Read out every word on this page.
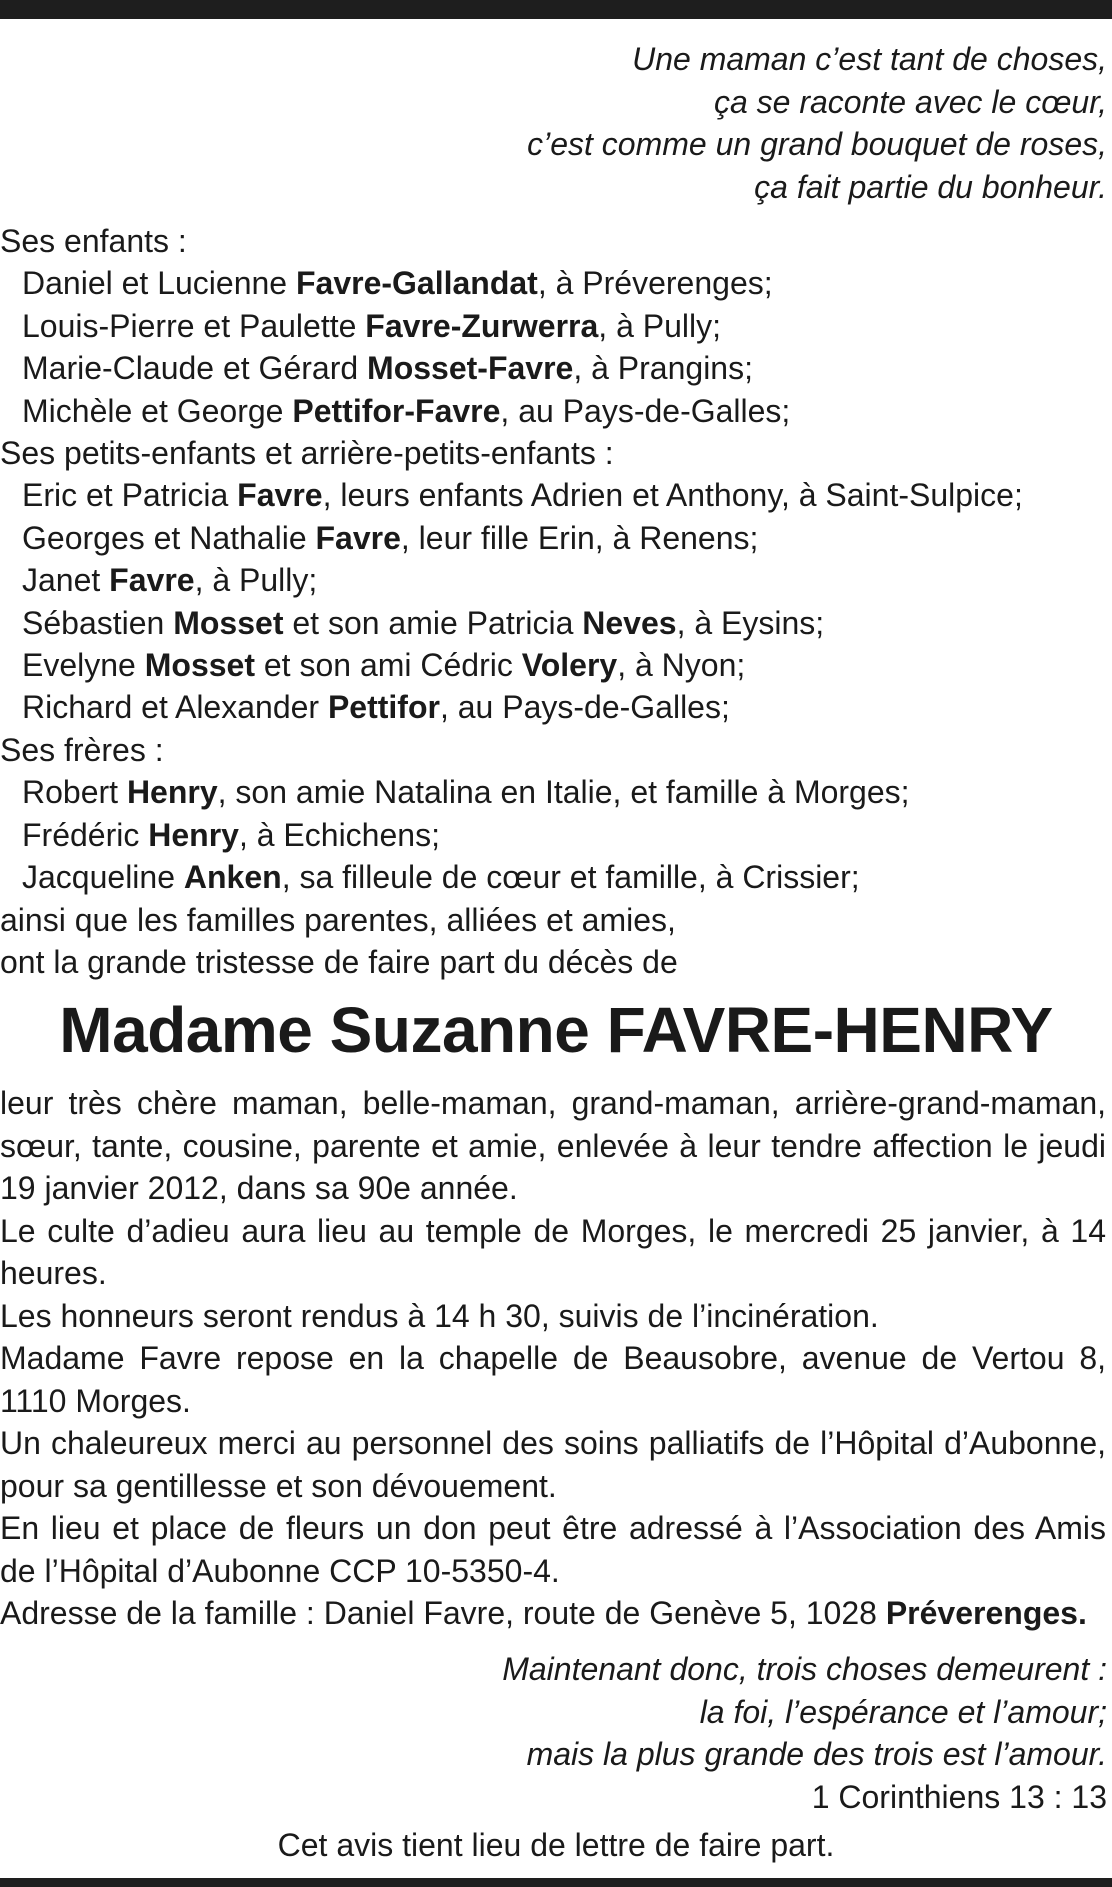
Une maman c’est tant de choses,
ça se raconte avec le cœur,
c’est comme un grand bouquet de roses,
ça fait partie du bonheur.
Ses enfants :
Daniel et Lucienne Favre-Gallandat, à Préverenges;
Louis-Pierre et Paulette Favre-Zurwerra, à Pully;
Marie-Claude et Gérard Mosset-Favre, à Prangins;
Michèle et George Pettifor-Favre, au Pays-de-Galles;
Ses petits-enfants et arrière-petits-enfants :
Eric et Patricia Favre, leurs enfants Adrien et Anthony, à Saint-Sulpice;
Georges et Nathalie Favre, leur fille Erin, à Renens;
Janet Favre, à Pully;
Sébastien Mosset et son amie Patricia Neves, à Eysins;
Evelyne Mosset et son ami Cédric Volery, à Nyon;
Richard et Alexander Pettifor, au Pays-de-Galles;
Ses frères :
Robert Henry, son amie Natalina en Italie, et famille à Morges;
Frédéric Henry, à Echichens;
Jacqueline Anken, sa filleule de cœur et famille, à Crissier;
ainsi que les familles parentes, alliées et amies,
ont la grande tristesse de faire part du décès de
Madame Suzanne FAVRE-HENRY

leur très chère maman, belle-maman, grand-maman, arrière-grand-maman, sœur, tante, cousine, parente et amie, enlevée à leur tendre affection le jeudi 19 janvier 2012, dans sa 90e année.

Le culte d’adieu aura lieu au temple de Morges, le mercredi 25 janvier, à 14 heures.

Les honneurs seront rendus à 14 h 30, suivis de l’incinération.

Madame Favre repose en la chapelle de Beausobre, avenue de Vertou 8, 1110 Morges.

Un chaleureux merci au personnel des soins palliatifs de l’Hôpital d’Aubonne, pour sa gentillesse et son dévouement.

En lieu et place de fleurs un don peut être adressé à l’Association des Amis de l’Hôpital d’Aubonne CCP 10-5350-4.

Adresse de la famille : Daniel Favre, route de Genève 5, 1028 Préverenges.

Maintenant donc, trois choses demeurent :
la foi, l’espérance et l’amour;
mais la plus grande des trois est l’amour.
1 Corinthiens 13 : 13
Cet avis tient lieu de lettre de faire part.
